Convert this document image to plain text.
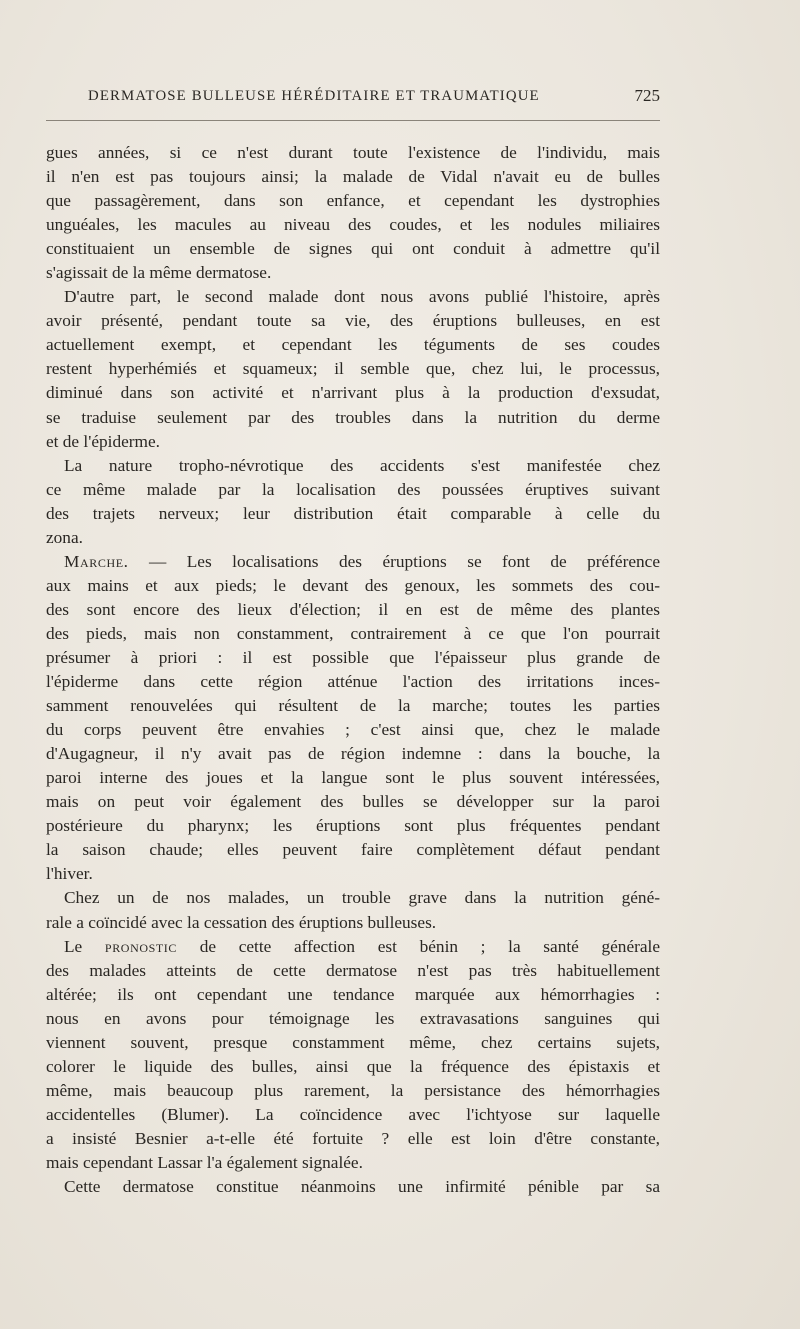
DERMATOSE BULLEUSE HÉRÉDITAIRE ET TRAUMATIQUE	725
gues années, si ce n'est durant toute l'existence de l'individu, mais
il n'en est pas toujours ainsi; la malade de Vidal n'avait eu de bulles
que passagèrement, dans son enfance, et cependant les dystrophies
unguéales, les macules au niveau des coudes, et les nodules miliaires
constituaient un ensemble de signes qui ont conduit à admettre qu'il
s'agissait de la même dermatose.
D'autre part, le second malade dont nous avons publié l'histoire, après
avoir présenté, pendant toute sa vie, des éruptions bulleuses, en est
actuellement exempt, et cependant les téguments de ses coudes
restent hyperhémiés et squameux; il semble que, chez lui, le processus,
diminué dans son activité et n'arrivant plus à la production d'exsudat,
se traduise seulement par des troubles dans la nutrition du derme
et de l'épiderme.
La nature tropho-névrotique des accidents s'est manifestée chez
ce même malade par la localisation des poussées éruptives suivant
des trajets nerveux; leur distribution était comparable à celle du
zona.
Marche. — Les localisations des éruptions se font de préférence
aux mains et aux pieds; le devant des genoux, les sommets des cou-
des sont encore des lieux d'élection; il en est de même des plantes
des pieds, mais non constamment, contrairement à ce que l'on pourrait
présumer à priori : il est possible que l'épaisseur plus grande de
l'épiderme dans cette région atténue l'action des irritations inces-
samment renouvelées qui résultent de la marche; toutes les parties
du corps peuvent être envahies ; c'est ainsi que, chez le malade
d'Augagneur, il n'y avait pas de région indemne : dans la bouche, la
paroi interne des joues et la langue sont le plus souvent intéressées,
mais on peut voir également des bulles se développer sur la paroi
postérieure du pharynx; les éruptions sont plus fréquentes pendant
la saison chaude; elles peuvent faire complètement défaut pendant
l'hiver.
Chez un de nos malades, un trouble grave dans la nutrition géné-
rale a coïncidé avec la cessation des éruptions bulleuses.
Le pronostic de cette affection est bénin ; la santé générale
des malades atteints de cette dermatose n'est pas très habituellement
altérée; ils ont cependant une tendance marquée aux hémorrhagies :
nous en avons pour témoignage les extravasations sanguines qui
viennent souvent, presque constamment même, chez certains sujets,
colorer le liquide des bulles, ainsi que la fréquence des épistaxis et
même, mais beaucoup plus rarement, la persistance des hémorrhagies
accidentelles (Blumer). La coïncidence avec l'ichtyose sur laquelle
a insisté Besnier a-t-elle été fortuite ? elle est loin d'être constante,
mais cependant Lassar l'a également signalée.
Cette dermatose constitue néanmoins une infirmité pénible par sa
